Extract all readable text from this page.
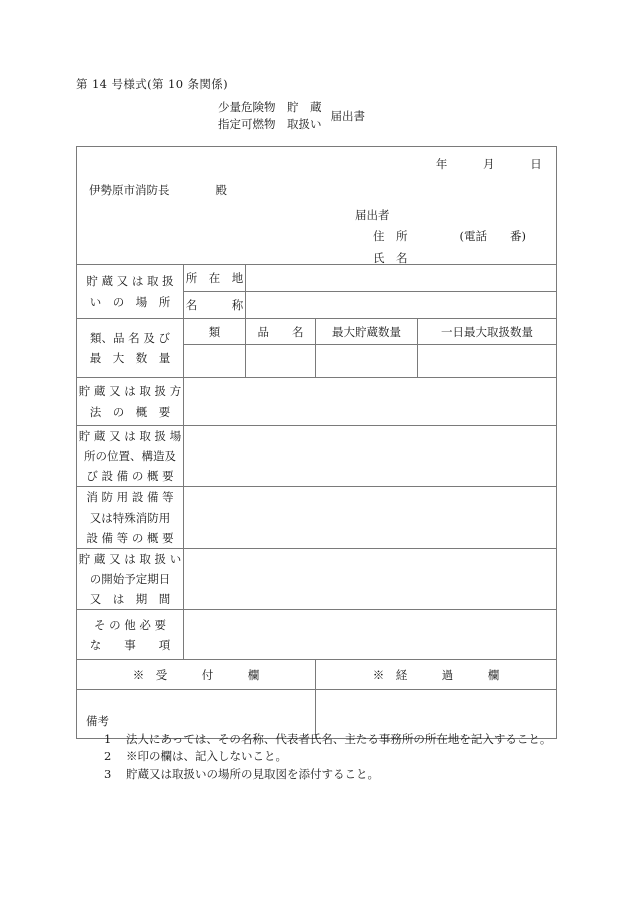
第 14 号様式(第 10 条関係)
少量危険物　貯　蔵
指定可燃物　取扱い
届出書
年　　　月　　　日
伊勢原市消防長　　　　殿
届出者
住　所 (電話　　番)
氏　名				

貯 蔵 又 は 取 扱
い　の　場　所	所　在　地			
	名　　　称			

類、品 名 及 び
最　大　数　量	類	品　　名	最大貯蔵数量	一日最大取扱数量

貯 蔵 又 は 取 扱 方
法　の　概　要				

貯 蔵 又 は 取 扱 場
所の位置、構造及
び 設 備 の 概 要				

消 防 用 設 備 等
又は特殊消防用
設 備 等 の 概 要				

貯 蔵 又 は 取 扱 い
の開始予定期日
又　は　期　間				

そ の 他 必 要
な　　事　　項				

※　受　　　付　　　欄			※　経　　　過　　　欄	

備考
1 法人にあっては、その名称、代表者氏名、主たる事務所の所在地を記入すること。
2 ※印の欄は、記入しないこと。
3 貯蔵又は取扱いの場所の見取図を添付すること。
